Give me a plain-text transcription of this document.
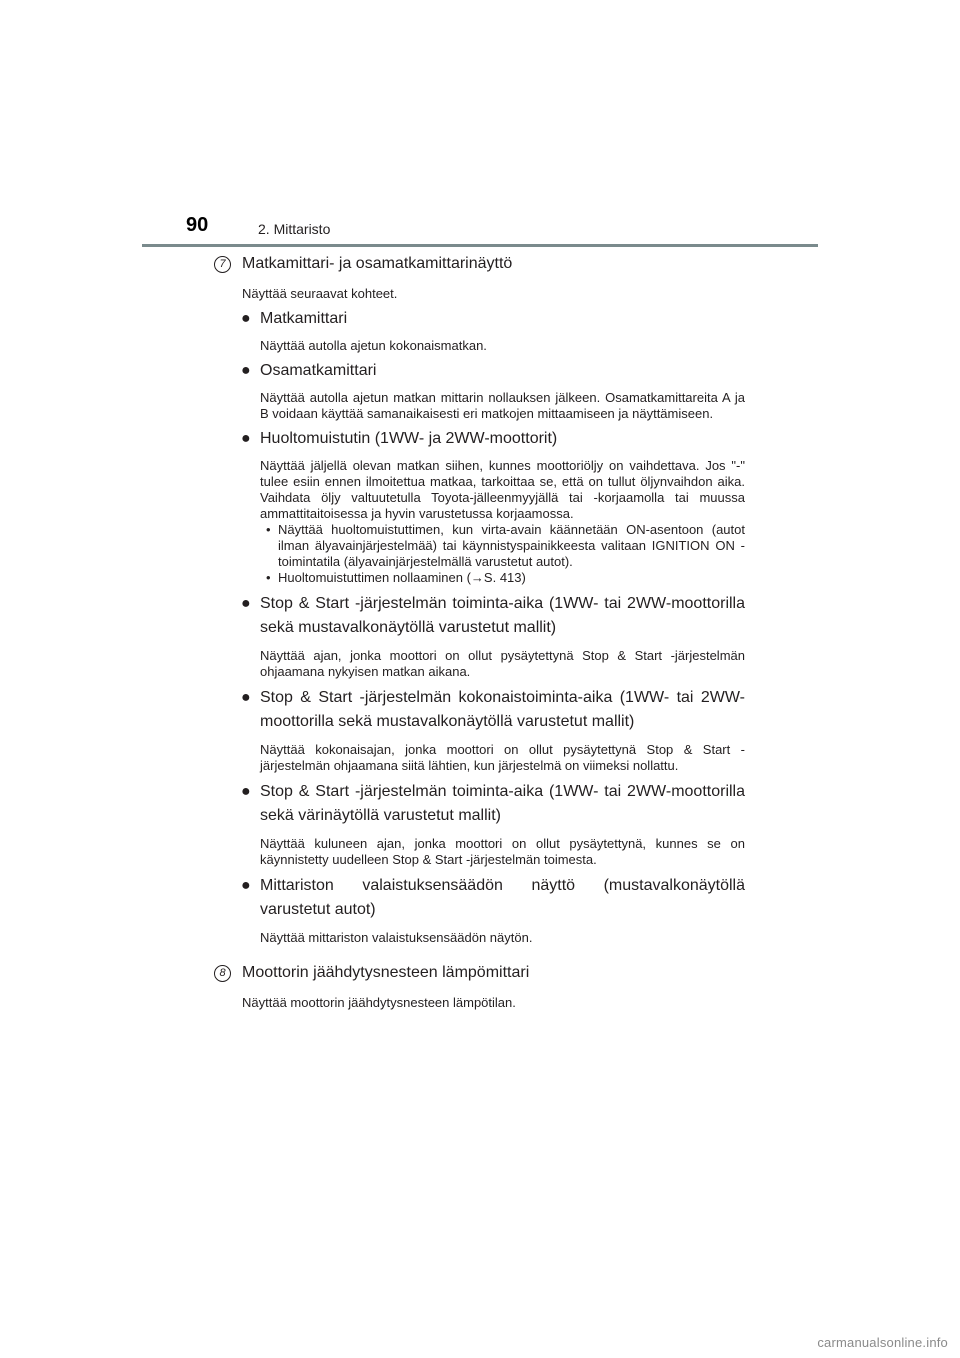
90	2. Mittaristo
7	Matkamittari- ja osamatkamittarinäyttö
Näyttää seuraavat kohteet.
● Matkamittari
Näyttää autolla ajetun kokonaismatkan.
● Osamatkamittari
Näyttää autolla ajetun matkan mittarin nollauksen jälkeen. Osamatkamittareita A ja B voidaan käyttää samanaikaisesti eri matkojen mittaamiseen ja näyttämiseen.
● Huoltomuistutin (1WW- ja 2WW-moottorit)
Näyttää jäljellä olevan matkan siihen, kunnes moottoriöljy on vaihdettava. Jos "-" tulee esiin ennen ilmoitettua matkaa, tarkoittaa se, että on tullut öljynvaihdon aika. Vaihdata öljy valtuutetulla Toyota-jälleenmyyjällä tai -korjaamolla tai muussa ammattitaitoisessa ja hyvin varustetussa korjaamossa.
• Näyttää huoltomuistuttimen, kun virta-avain käännetään ON-asentoon (autot ilman älyavainjärjestelmää) tai käynnistyspainikkeesta valitaan IGNITION ON -toimintatila (älyavainjärjestelmällä varustetut autot).
• Huoltomuistuttimen nollaaminen (→S. 413)
● Stop & Start -järjestelmän toiminta-aika (1WW- tai 2WW-moottorilla sekä mustavalkonäytöllä varustetut mallit)
Näyttää ajan, jonka moottori on ollut pysäytettynä Stop & Start -järjestelmän ohjaamana nykyisen matkan aikana.
● Stop & Start -järjestelmän kokonaistoiminta-aika (1WW- tai 2WW-moottorilla sekä mustavalkonäytöllä varustetut mallit)
Näyttää kokonaisajan, jonka moottori on ollut pysäytettynä Stop & Start -järjestelmän ohjaamana siitä lähtien, kun järjestelmä on viimeksi nollattu.
● Stop & Start -järjestelmän toiminta-aika (1WW- tai 2WW-moottorilla sekä värinäytöllä varustetut mallit)
Näyttää kuluneen ajan, jonka moottori on ollut pysäytettynä, kunnes se on käynnistetty uudelleen Stop & Start -järjestelmän toimesta.
● Mittariston valaistuksensäädön näyttö (mustavalkonäytöllä varustetut autot)
Näyttää mittariston valaistuksensäädön näytön.
8	Moottorin jäähdytysnesteen lämpömittari
Näyttää moottorin jäähdytysnesteen lämpötilan.
carmanualsonline.info
